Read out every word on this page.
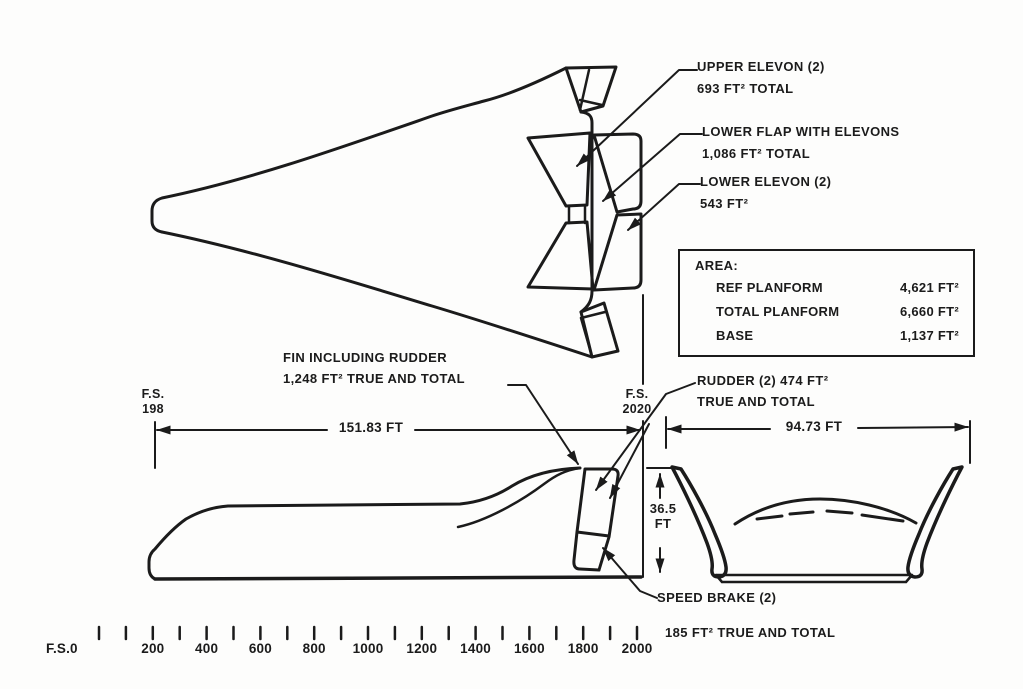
UPPER ELEVON (2)
693 FT² TOTAL
LOWER FLAP WITH ELEVONS
1,086 FT² TOTAL
LOWER ELEVON (2)
543 FT²
FIN INCLUDING RUDDER
1,248 FT² TRUE AND TOTAL	RUDDER (2) 474 FT²
TRUE AND TOTAL
SPEED BRAKE (2)
185 FT² TRUE AND TOTAL
AREA:
REF PLANFORM	4,621 FT²
TOTAL PLANFORM	6,660 FT²
BASE	1,137 FT²
F.S.
198
F.S.
2020
151.83 FT	94.73 FT
36.5
FT
F.S.0	200	400	600	800	1000	1200	1400	1600	1800	2000
